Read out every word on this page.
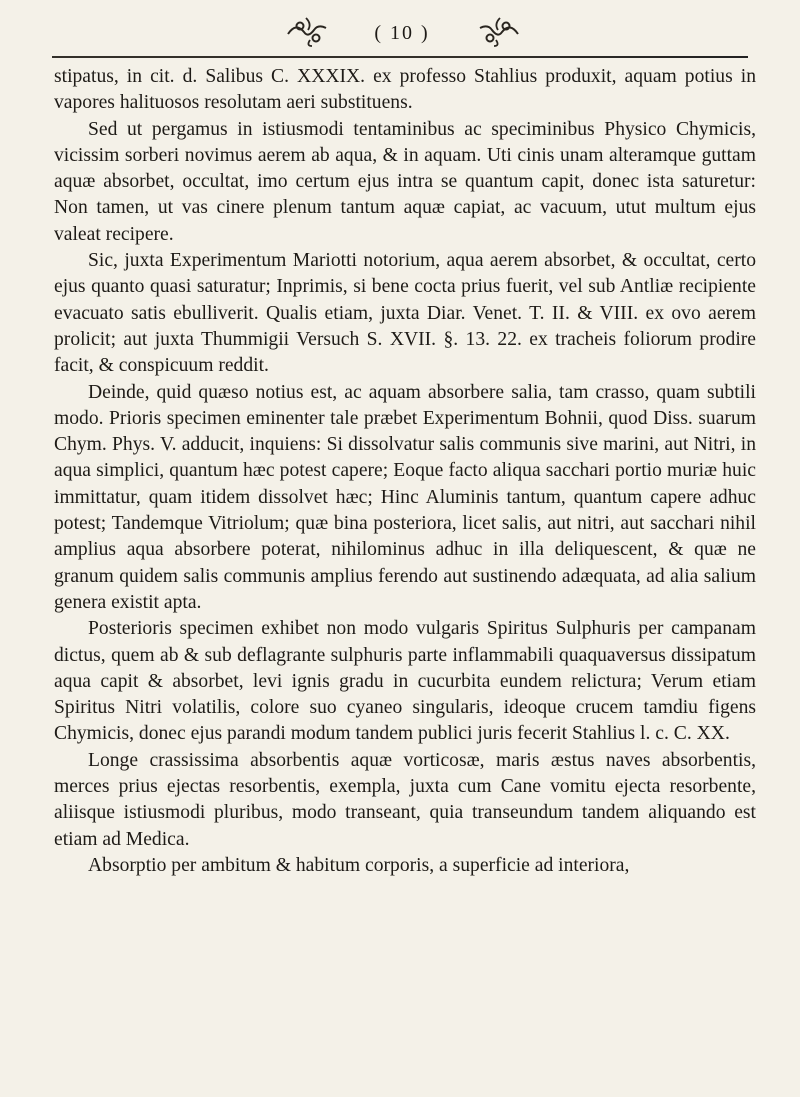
( 10 )

stipatus, in cit. d. Salibus C. XXXIX. ex professo Stahlius produxit, aquam potius in vapores halituosos resolutam aeri substituens.

Sed ut pergamus in istiusmodi tentaminibus ac speciminibus Physico Chymicis, vicissim sorberi novimus aerem ab aqua, & in aquam. Uti cinis unam alteramque guttam aquæ absorbet, occultat, imo certum ejus intra se quantum capit, donec ista saturetur: Non tamen, ut vas cinere plenum tantum aquæ capiat, ac vacuum, utut multum ejus valeat recipere.

Sic, juxta Experimentum Mariotti notorium, aqua aerem absorbet, & occultat, certo ejus quanto quasi saturatur; Inprimis, si bene cocta prius fuerit, vel sub Antliæ recipiente evacuato satis ebulliverit. Qualis etiam, juxta Diar. Venet. T. II. & VIII. ex ovo aerem prolicit; aut juxta Thummigii Versuch S. XVII. §. 13. 22. ex tracheis foliorum prodire facit, & conspicuum reddit.

Deinde, quid quæso notius est, ac aquam absorbere salia, tam crasso, quam subtili modo. Prioris specimen eminenter tale præbet Experimentum Bohnii, quod Diss. suarum Chym. Phys. V. adducit, inquiens: Si dissolvatur salis communis sive marini, aut Nitri, in aqua simplici, quantum hæc potest capere; Eoque facto aliqua sacchari portio muriæ huic immittatur, quam itidem dissolvet hæc; Hinc Aluminis tantum, quantum capere adhuc potest; Tandemque Vitriolum; quæ bina posteriora, licet salis, aut nitri, aut sacchari nihil amplius aqua absorbere poterat, nihilominus adhuc in illa deliquescent, & quæ ne granum quidem salis communis amplius ferendo aut sustinendo adæquata, ad alia salium genera existit apta.

Posterioris specimen exhibet non modo vulgaris Spiritus Sulphuris per campanam dictus, quem ab & sub deflagrante sulphuris parte inflammabili quaquaversus dissipatum aqua capit & absorbet, levi ignis gradu in cucurbita eundem relictura; Verum etiam Spiritus Nitri volatilis, colore suo cyaneo singularis, ideoque crucem tamdiu figens Chymicis, donec ejus parandi modum tandem publici juris fecerit Stahlius l. c. C. XX.

Longe crassissima absorbentis aquæ vorticosæ, maris æstus naves absorbentis, merces prius ejectas resorbentis, exempla, juxta cum Cane vomitu ejecta resorbente, aliisque istiusmodi pluribus, modo transeant, quia transeundum tandem aliquando est etiam ad Medica.

Absorptio per ambitum & habitum corporis, a superficie ad interiora,
